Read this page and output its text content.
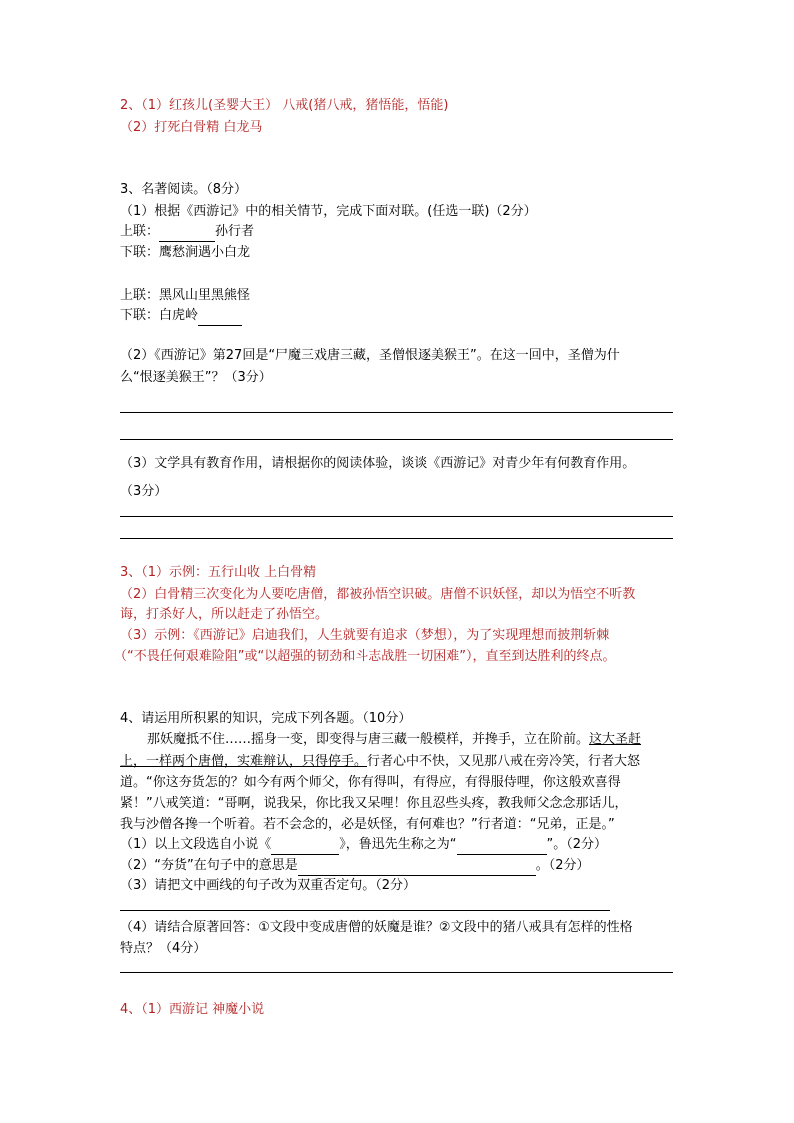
2、（1）红孩儿(圣婴大王） 八戒(猪八戒，猪悟能，悟能)
（2）打死白骨精 白龙马
3、名著阅读。（8分）
（1）根据《西游记》中的相关情节，完成下面对联。(任选一联)（2分）
上联：	孙行者
下联：鹰愁涧遇小白龙
上联：黑风山里黑熊怪
下联：白虎岭
（2）《西游记》第27回是“尸魔三戏唐三藏，圣僧恨逐美猴王”。在这一回中，圣僧为什
么“恨逐美猴王”？（3分）
（3）文学具有教育作用，请根据你的阅读体验，谈谈《西游记》对青少年有何教育作用。
（3分）
3、（1）示例：五行山收 上白骨精
（2）白骨精三次变化为人要吃唐僧，都被孙悟空识破。唐僧不识妖怪，却以为悟空不听教
诲，打杀好人，所以赶走了孙悟空。
（3）示例：《西游记》启迪我们，人生就要有追求（梦想），为了实现理想而披荆斩棘
（“不畏任何艰难险阻”或“以超强的韧劲和斗志战胜一切困难”），直至到达胜利的终点。
4、请运用所积累的知识，完成下列各题。（10分）
那妖魔抵不住……摇身一变，即变得与唐三藏一般模样，并搀手，立在阶前。这大圣赶
上，一样两个唐僧，实难辩认，只得停手。行者心中不快，又见那八戒在旁冷笑，行者大怒
道。“你这夯货怎的？如今有两个师父，你有得叫，有得应，有得服侍哩，你这般欢喜得
紧！”八戒笑道：“哥啊，说我呆，你比我又呆哩！你且忍些头疼，教我师父念念那话儿，
我与沙僧各搀一个听着。若不会念的，必是妖怪，有何难也？”行者道：“兄弟，正是。”
（1）以上文段选自小说《	》，鲁迅先生称之为“	”。（2分）
（2）“夯货”在句子中的意思是	。（2分）
（3）请把文中画线的句子改为双重否定句。（2分）
（4）请结合原著回答：①文段中变成唐僧的妖魔是谁？②文段中的猪八戒具有怎样的性格
特点？（4分）
4、（1）西游记 神魔小说
